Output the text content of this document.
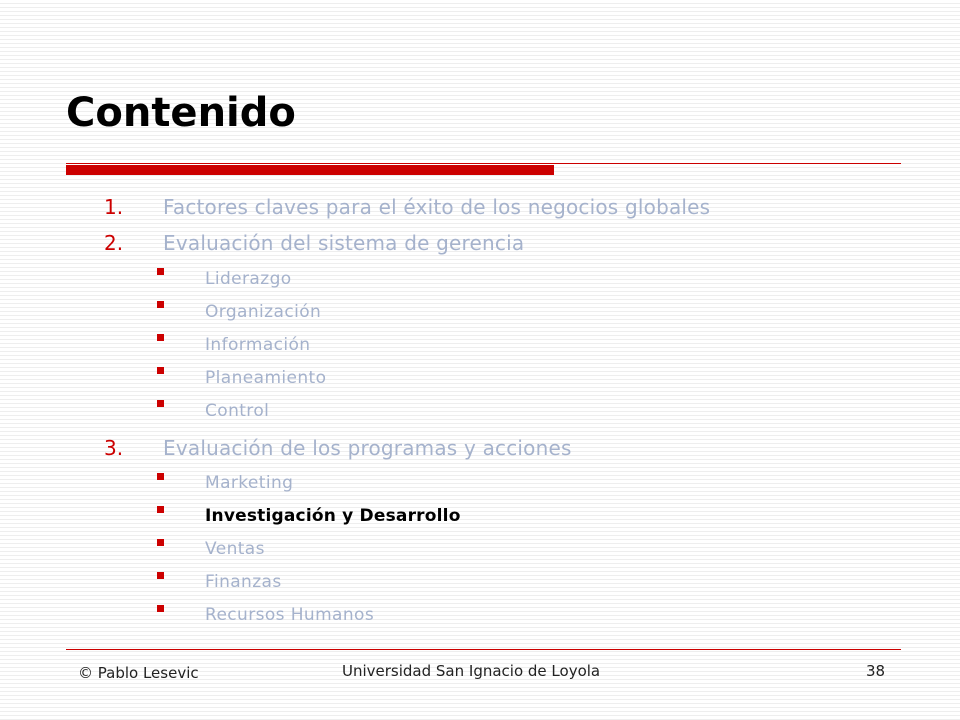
Contenido
1. Factores claves para el éxito de los negocios globales
2. Evaluación del sistema de gerencia
Liderazgo
Organización
Información
Planeamiento
Control
3. Evaluación de los programas y acciones
Marketing
Investigación y Desarrollo
Ventas
Finanzas
Recursos Humanos
© Pablo Lesevic	Universidad San Ignacio de Loyola	38
